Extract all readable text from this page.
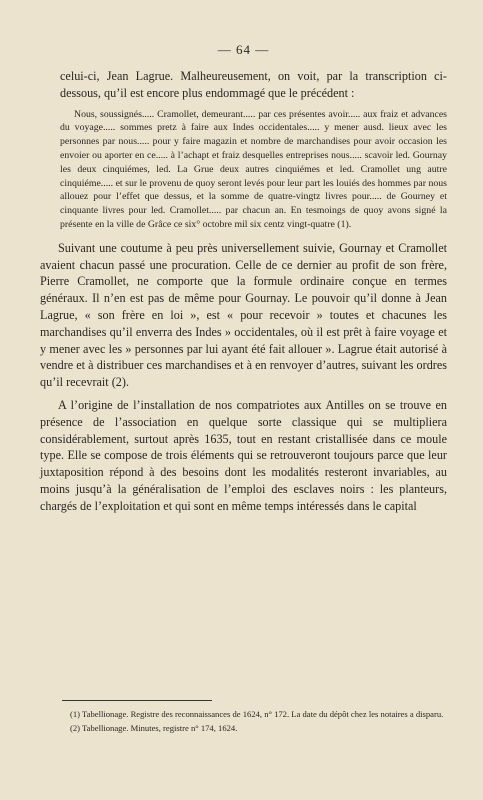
— 64 —

celui-ci, Jean Lagrue. Malheureusement, on voit, par la transcription ci-dessous, qu’il est encore plus endommagé que le précédent :

Nous, soussignés..... Cramollet, demeurant..... par ces présentes avoir..... aux fraiz et advances du voyage..... sommes pretz à faire aux Indes occidentales..... y mener ausd. lieux avec les personnes par nous..... pour y faire magazin et nombre de marchandises pour avoir occasion les envoier ou aporter en ce..... à l’achapt et fraiz desquelles entreprises nous..... scavoir led. Gournay les deux cinquiémes, led. La Grue deux autres cinquiémes et led. Cramollet ung autre cinquiéme..... et sur le provenu de quoy seront levés pour leur part les louiés des hommes par nous allouez pour l’effet que dessus, et la somme de quatre-vingtz livres pour..... de Gourney et cinquante livres pour led. Cramollet..... par chacun an. En tesmoings de quoy avons signé la présente en la ville de Grâce ce six° octobre mil six centz vingt-quatre (1).

Suivant une coutume à peu près universellement suivie, Gournay et Cramollet avaient chacun passé une procuration. Celle de ce dernier au profit de son frère, Pierre Cramollet, ne comporte que la formule ordinaire conçue en termes généraux. Il n’en est pas de même pour Gournay. Le pouvoir qu’il donne à Jean Lagrue, « son frère en loi », est « pour recevoir » toutes et chacunes les marchandises qu’il enverra des Indes » occidentales, où il est prêt à faire voyage et y mener avec les » personnes par lui ayant été fait allouer ». Lagrue était autorisé à vendre et à distribuer ces marchandises et à en renvoyer d’autres, suivant les ordres qu’il recevrait (2).

A l’origine de l’installation de nos compatriotes aux Antilles on se trouve en présence de l’association en quelque sorte classique qui se multipliera considérablement, surtout après 1635, tout en restant cristallisée dans ce moule type. Elle se compose de trois éléments qui se retrouveront toujours parce que leur juxtaposition répond à des besoins dont les modalités resteront invariables, au moins jusqu’à la généralisation de l’emploi des esclaves noirs : les planteurs, chargés de l’exploitation et qui sont en même temps intéressés dans le capital

(1) Tabellionage. Registre des reconnaissances de 1624, n° 172. La date du dépôt chez les notaires a disparu.

(2) Tabellionage. Minutes, registre n° 174, 1624.
